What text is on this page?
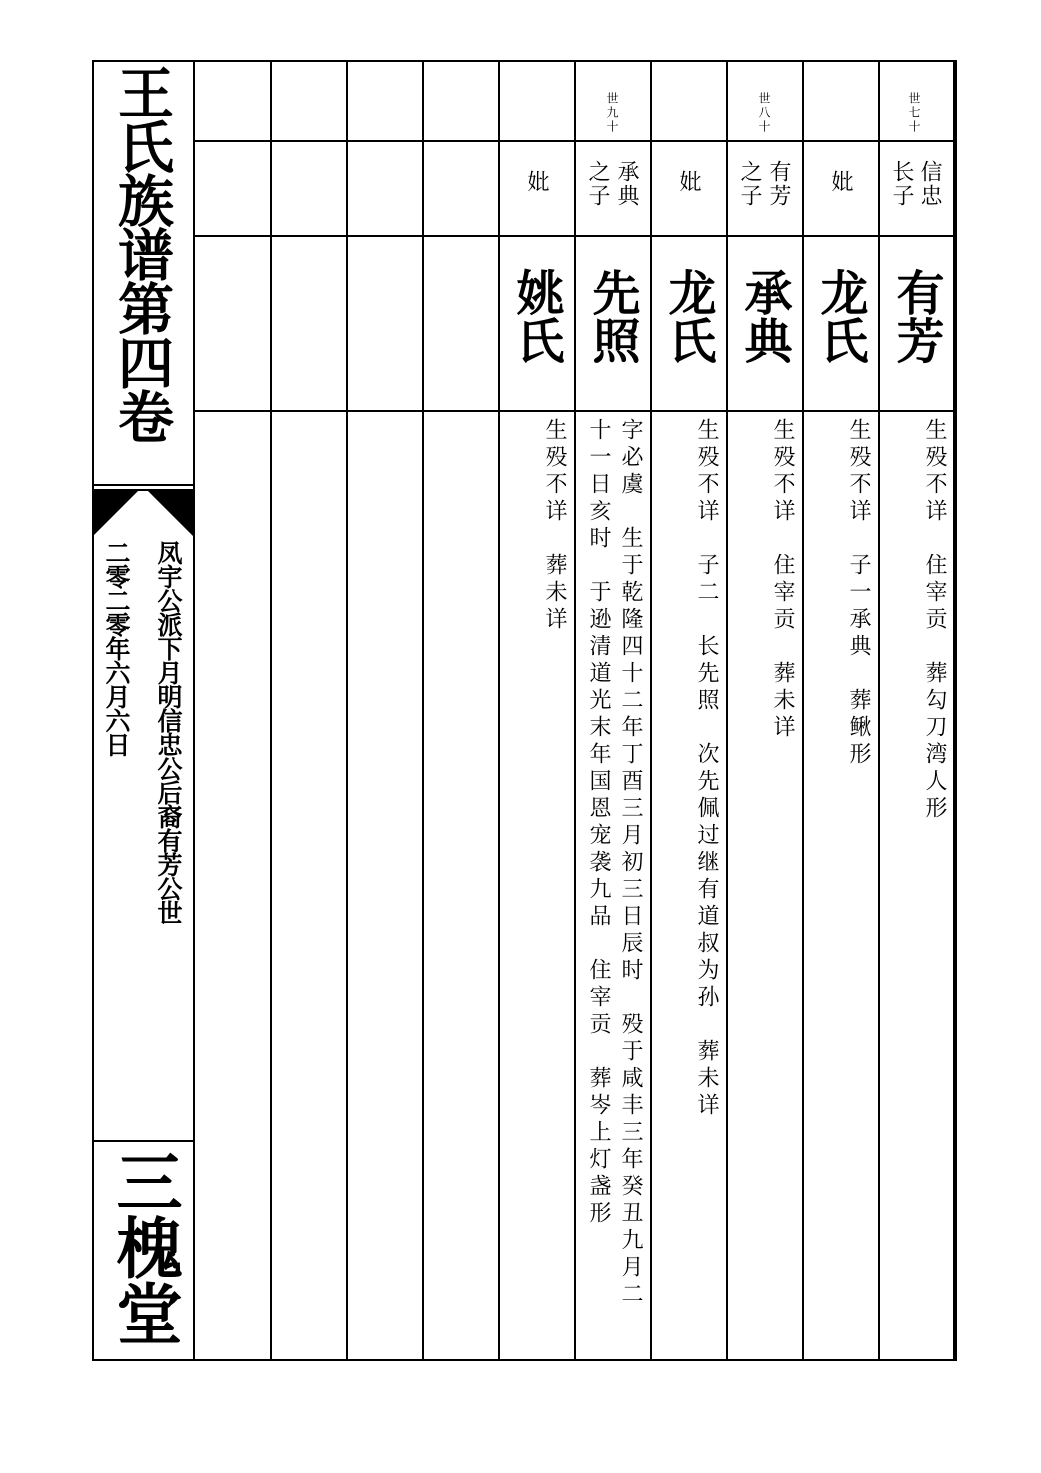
王氏族谱第四卷
凤宇公派下月明信忠公后裔有芳公世
二零二零年六月六日
三槐堂
世七十
信忠
长子
有芳
生殁不详　住宰贡　葬勾刀湾人形
妣
龙氏
生殁不详　子一承典　葬鳅形
世八十
有芳
之子
承典
生殁不详　住宰贡　葬未详
妣
龙氏
生殁不详　子二　长先照　次先佩过继有道叔为孙　葬未详
世九十
承典
之子
先照
字必虞　生于乾隆四十二年丁酉三月初三日辰时　殁于咸丰三年癸丑九月二
十一日亥时　于逊清道光末年国恩宠袭九品　住宰贡　葬岑上灯盏形
妣
姚氏
生殁不详　葬未详
